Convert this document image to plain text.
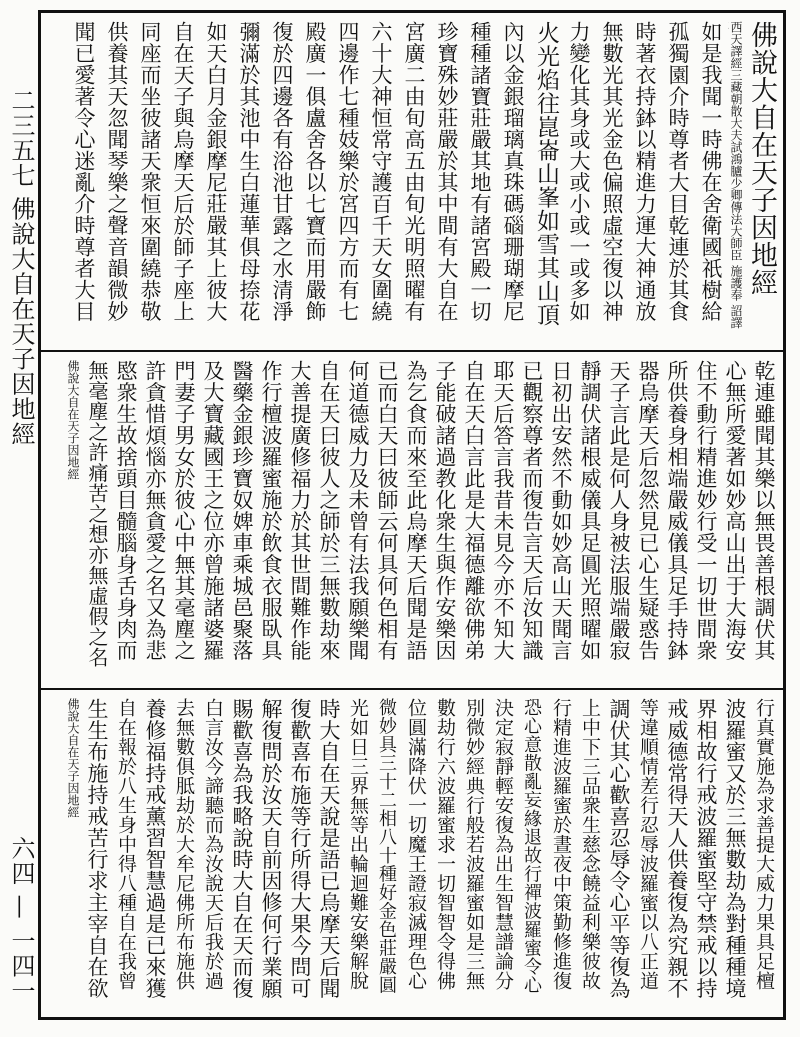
二三五七 佛說大自在天子因地經
六四 — 一四一
佛說大自在天子因地經
西天譯經三藏朝散大夫試鴻臚少卿傳法大師臣 施護奉 詔譯
如是我聞一時佛在舍衛國祇樹給
孤獨園介時尊者大目乾連於其食
時著衣持鉢以精進力運大神通放
無數光其光金色偏照虛空復以神
力變化其身或大或小或一或多如
火光焰往崑崙山峯如雪其山頂
內以金銀瑠璃真珠碼碯珊瑚摩尼
種種諸寶莊嚴其地有諸宮殿一切
珍寶殊妙莊嚴於其中間有大自在
宮廣二由旬高五由旬光明照曜有
六十大神恒常守護百千天女圍繞
四邊作七種妓樂於宮四方而有七
殿廣一俱盧舍各以七寶而用嚴飾
復於四邊各有浴池甘露之水清淨
彌滿於其池中生白蓮華俱母捺花
如天白月金銀摩尼莊嚴其上彼大
自在天子與烏摩天后於師子座上
同座而坐彼諸天衆恒來圍繞恭敬
供養其天忽聞琴樂之聲音韻微妙
聞已愛著令心迷亂介時尊者大目
乾連雖聞其樂以無畏善根調伏其
心無所愛著如妙高山出于大海安
住不動行精進妙行受一切世間衆
所供養身相端嚴威儀具足手持鉢
器烏摩天后忽然見已心生疑惑告
天子言此是何人身被法服端嚴寂
靜調伏諸根威儀具足圓光照曜如
日初出安然不動如妙高山天聞言
已觀察尊者而復告言天后汝知識
耶天后答言我昔未見今亦不知大
自在天白言此是大福德離欲佛弟
子能破諸過教化衆生與作安樂因
為乞食而來至此烏摩天后聞是語
已而白天曰彼師云何具何色相有
何道德威力及未曾有法我願樂聞
自在天曰彼人之師於三無數劫來
大善提廣修福力於其世間難作能
作行檀波羅蜜施於飲食衣服臥具
醫藥金銀珍寶奴婢車乘城邑聚落
及大寶藏國王之位亦曾施諸婆羅
門妻子男女於彼心中無其毫塵之
許貪惜煩惱亦無貪愛之名又為悲
愍衆生故捨頭目髓腦身舌身肉而
無毫塵之許痛苦之想亦無虛假之名
佛說大自在天子因地經
行真實施為求善提大威力果具足檀
波羅蜜又於三無數劫為對種種境
界相故行戒波羅蜜堅守禁戒以持
戒威德常得天人供養復為究親不
等違順情差行忍辱波羅蜜以八正道
調伏其心歡喜忍辱令心平等復為
上中下三品衆生慈念饒益利樂彼故
行精進波羅蜜於晝夜中策勤修進復
恐心意散亂妄緣退故行禪波羅蜜令心
決定寂靜輕安復為出生智慧譜論分
別微妙經典行般若波羅蜜如是三無
數劫行六波羅蜜求一切智智令得佛
位圓滿降伏一切魔王證寂滅理色心
微妙具三十二相八十種好金色莊嚴圓
光如日三界無等出輪迴難安樂解脫
時大自在天說是語已烏摩天后聞
復歡喜布施等行所得大果今問可
解復問於汝天自前因修何行業願
賜歡喜為我略說時大自在天而復
白言汝今諦聽而為汝說天后我於過
去無數俱胝劫於大牟尼佛所布施供
養修福持戒薰習智慧過是已來獲
自在報於八生身中得八種自在我曾
生生布施持戒苦行求主宰自在欲
佛說大自在天子因地經
